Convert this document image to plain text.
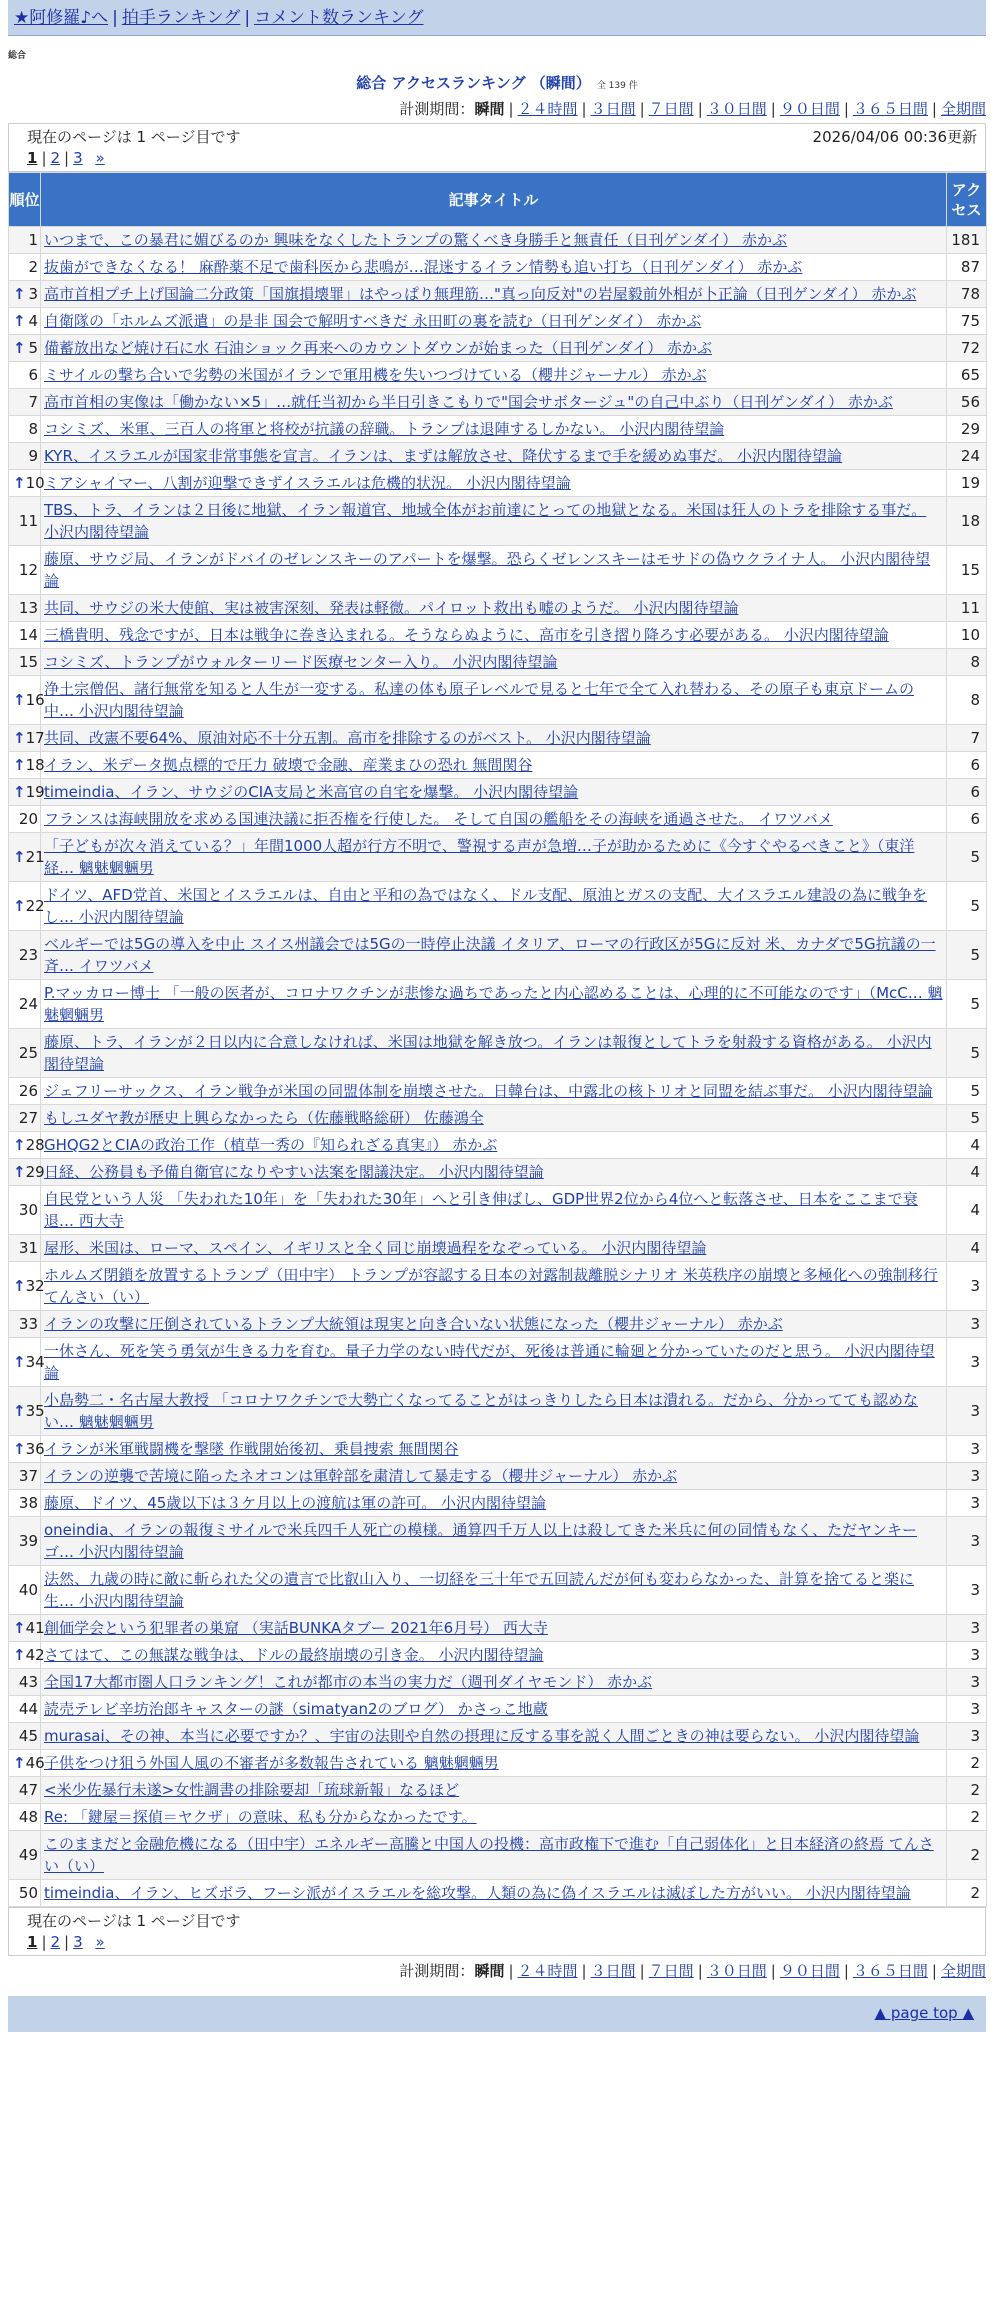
★阿修羅♪へ | 拍手ランキング | コメント数ランキング
総合
総合 アクセスランキング （瞬間） 全 139 件
計測期間：瞬間 | ２４時間 | ３日間 | ７日間 | ３０日間 | ９０日間 | ３６５日間 | 全期間
現在のページは 1 ページ目です	2026/04/06 00:36更新
1 | 2 | 3 »
順位	記事タイトル	アクセス
1	いつまで、この暴君に媚びるのか 興味をなくしたトランプの驚くべき身勝手と無責任（日刊ゲンダイ） 赤かぶ	181
2	抜歯ができなくなる！ 麻酔薬不足で歯科医から悲鳴が…混迷するイラン情勢も追い打ち（日刊ゲンダイ） 赤かぶ	87

↑ 3	高市首相プチ上げ国論二分政策「国旗損壊罪」はやっぱり無理筋…"真っ向反対"の岩屋毅前外相が卜正論（日刊ゲンダイ） 赤かぶ	78

↑ 4	自衛隊の「ホルムズ派遣」の是非 国会で解明すべきだ 永田町の裏を読む（日刊ゲンダイ） 赤かぶ	75

↑ 5	備蓄放出など焼け石に水 石油ショック再来へのカウントダウンが始まった（日刊ゲンダイ） 赤かぶ	72
6	ミサイルの撃ち合いで劣勢の米国がイランで軍用機を失いつづけている（櫻井ジャーナル） 赤かぶ	65
7	高市首相の実像は「働かない×5」…就任当初から半日引きこもりで"国会サボタージュ"の自己中ぶり（日刊ゲンダイ） 赤かぶ	56
8	コシミズ、米軍、三百人の将軍と将校が抗議の辞職。トランプは退陣するしかない。 小沢内閣待望論	29
9	KYR、イスラエルが国家非常事態を宣言。イランは、まずは解放させ、降伏するまで手を緩めぬ事だ。 小沢内閣待望論	24

↑ 10	ミアシャイマー、八割が迎撃できずイスラエルは危機的状況。 小沢内閣待望論	19
11	TBS、トラ、イランは２日後に地獄、イラン報道官、地域全体がお前達にとっての地獄となる。米国は狂人のトラを排除する事だ。 小沢内閣待望論	18
12	藤原、サウジ局、イランがドバイのゼレンスキーのアパートを爆撃。恐らくゼレンスキーはモサドの偽ウクライナ人。 小沢内閣待望論	15
13	共同、サウジの米大使館、実は被害深刻、発表は軽微。パイロット救出も嘘のようだ。 小沢内閣待望論	11
14	三橋貴明、残念ですが、日本は戦争に巻き込まれる。そうならぬように、高市を引き摺り降ろす必要がある。 小沢内閣待望論	10
15	コシミズ、トランプがウォルターリード医療センター入り。 小沢内閣待望論	8

↑ 16	浄土宗僧侶、諸行無常を知ると人生が一変する。私達の体も原子レベルで見ると七年で全て入れ替わる、その原子も東京ドームの中… 小沢内閣待望論	8

↑ 17	共同、改憲不要64%、原油対応不十分五割。高市を排除するのがベスト。 小沢内閣待望論	7

↑ 18	イラン、米データ拠点標的で圧力 破壊で金融、産業まひの恐れ 無間関谷	6

↑ 19	timeindia、イラン、サウジのCIA支局と米高官の自宅を爆撃。 小沢内閣待望論	6
20	フランスは海峡開放を求める国連決議に拒否権を行使した。 そして自国の艦船をその海峡を通過させた。 イワツバメ	6

↑ 21	「子どもが次々消えている？」年間1000人超が行方不明で、警視する声が急増…子が助かるために《今すぐやるべきこと》（東洋経… 魑魅魍魎男	5

↑ 22	ドイツ、AFD党首、米国とイスラエルは、自由と平和の為ではなく、ドル支配、原油とガスの支配、大イスラエル建設の為に戦争をし… 小沢内閣待望論	5
23	ベルギーでは5Gの導入を中止 スイス州議会では5Gの一時停止決議 イタリア、ローマの行政区が5Gに反対 米、カナダで5G抗議の一斉… イワツバメ	5
24	P.マッカロー博士 「一般の医者が、コロナワクチンが悲惨な過ちであったと内心認めることは、心理的に不可能なのです」（McC… 魑魅魍魎男	5
25	藤原、トラ、イランが２日以内に合意しなければ、米国は地獄を解き放つ。イランは報復としてトラを射殺する資格がある。 小沢内閣待望論	5
26	ジェフリーサックス、イラン戦争が米国の同盟体制を崩壊させた。日韓台は、中露北の核トリオと同盟を結ぶ事だ。 小沢内閣待望論	5
27	もしユダヤ教が歴史上興らなかったら（佐藤戦略総研） 佐藤鴻全	5

↑ 28	GHQG2とCIAの政治工作（植草一秀の『知られざる真実』） 赤かぶ	4

↑ 29	日経、公務員も予備自衛官になりやすい法案を閣議決定。 小沢内閣待望論	4
30	自民党という人災 「失われた10年」を「失われた30年」へと引き伸ばし、GDP世界2位から4位へと転落させ、日本をここまで衰退… 西大寺	4
31	屋形、米国は、ローマ、スペイン、イギリスと全く同じ崩壊過程をなぞっている。 小沢内閣待望論	4

↑ 32	ホルムズ閉鎖を放置するトランプ（田中宇） トランプが容認する日本の対露制裁離脱シナリオ 米英秩序の崩壊と多極化への強制移行 てんさい（い）	3
33	イランの攻撃に圧倒されているトランプ大統領は現実と向き合いない状態になった（櫻井ジャーナル） 赤かぶ	3

↑ 34	一休さん、死を笑う勇気が生きる力を育む。量子力学のない時代だが、死後は普通に輪廻と分かっていたのだと思う。 小沢内閣待望論	3

↑ 35	小島勢二・名古屋大教授 「コロナワクチンで大勢亡くなってることがはっきりしたら日本は潰れる。だから、分かってても認めない… 魑魅魍魎男	3

↑ 36	イランが米軍戦闘機を撃墜 作戦開始後初、乗員捜索 無間関谷	3
37	イランの逆襲で苦境に陥ったネオコンは軍幹部を粛清して暴走する（櫻井ジャーナル） 赤かぶ	3
38	藤原、ドイツ、45歳以下は３ケ月以上の渡航は軍の許可。 小沢内閣待望論	3
39	oneindia、イランの報復ミサイルで米兵四千人死亡の模様。通算四千万人以上は殺してきた米兵に何の同情もなく、ただヤンキーゴ… 小沢内閣待望論	3
40	法然、九歳の時に敵に斬られた父の遺言で比叡山入り、一切経を三十年で五回読んだが何も変わらなかった、計算を捨てると楽に生… 小沢内閣待望論	3

↑ 41	創価学会という犯罪者の巣窟 （実話BUNKAタブー 2021年6月号） 西大寺	3

↑ 42	さてはて、この無謀な戦争は、ドルの最終崩壊の引き金。 小沢内閣待望論	3
43	全国17大都市圏人口ランキング！これが都市の本当の実力だ（週刊ダイヤモンド） 赤かぶ	3
44	読売テレビ辛坊治郎キャスターの謎（simatyan2のブログ） かさっこ地蔵	3
45	murasai、その神、本当に必要ですか？、宇宙の法則や自然の摂理に反する事を説く人間ごときの神は要らない。 小沢内閣待望論	3

↑ 46	子供をつけ狙う外国人風の不審者が多数報告されている 魑魅魍魎男	2
47	<米少佐暴行未遂>女性調書の排除要却「琉球新報」なるほど	2
48	Re: 「鍵屋＝探偵＝ヤクザ」の意味、私も分からなかったです。	2
49	このままだと金融危機になる（田中宇）エネルギー高騰と中国人の投機：高市政権下で進む「自己弱体化」と日本経済の終焉 てんさい（い）	2
50	timeindia、イラン、ヒズボラ、フーシ派がイスラエルを総攻撃。人類の為に偽イスラエルは滅ぼした方がいい。 小沢内閣待望論	2
現在のページは 1 ページ目です
1 | 2 | 3 »
計測期間：瞬間 | ２４時間 | ３日間 | ７日間 | ３０日間 | ９０日間 | ３６５日間 | 全期間
▲ page top ▲
